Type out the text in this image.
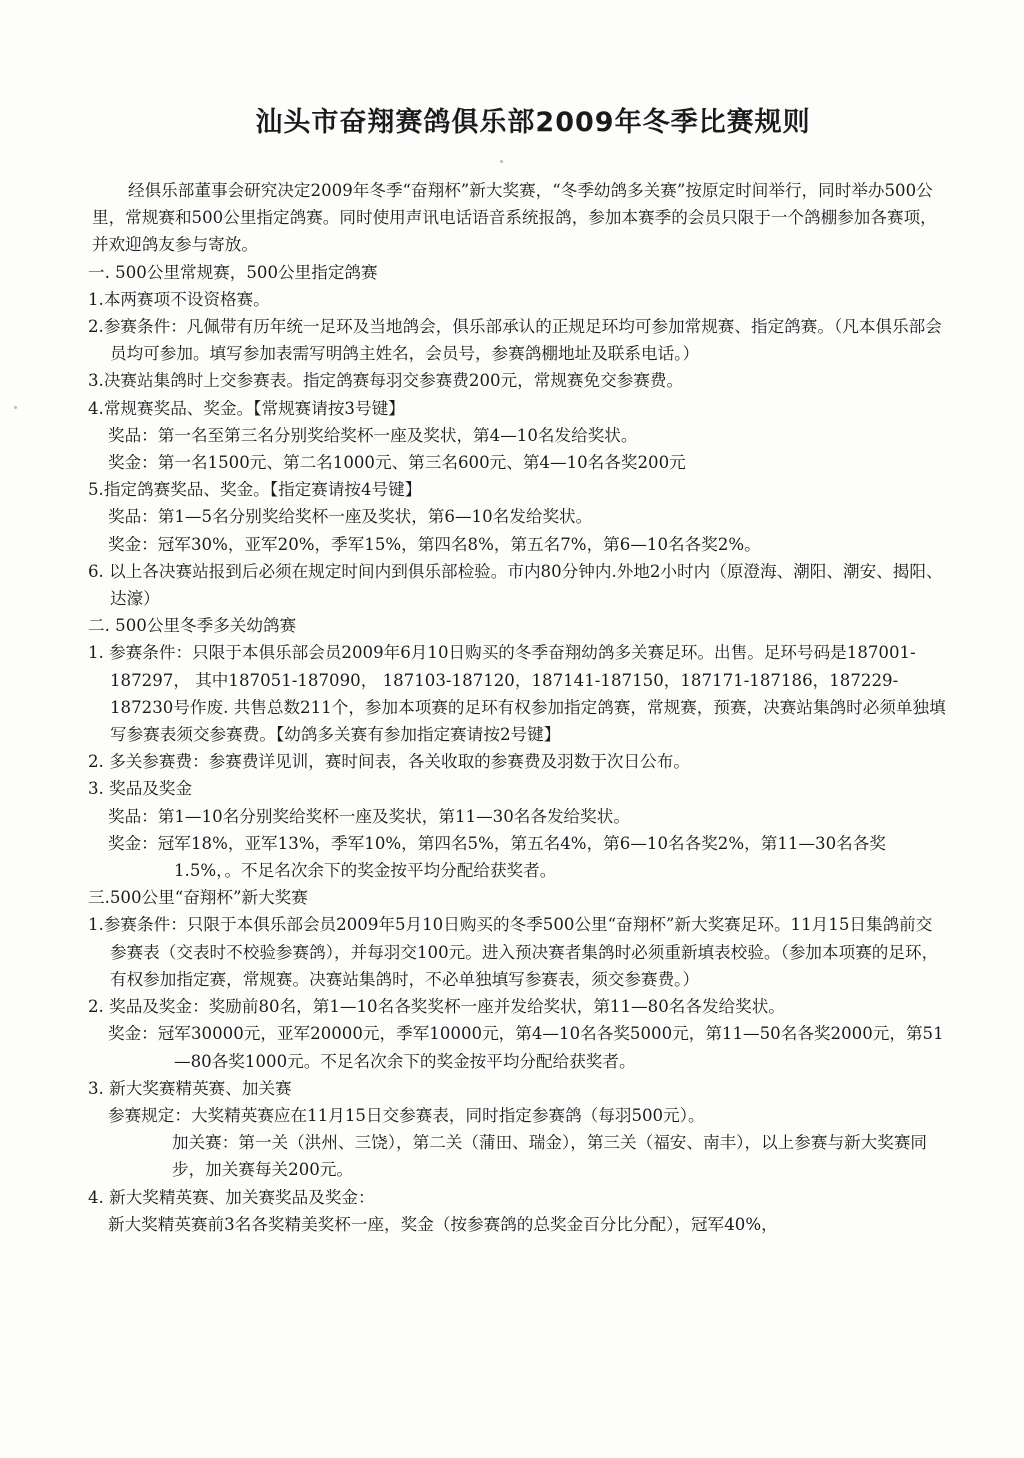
汕头市奋翔赛鸽俱乐部2009年冬季比赛规则

经俱乐部董事会研究决定2009年冬季“奋翔杯”新大奖赛，“冬季幼鸽多关赛”按原定时间举行，同时举办500公里，常规赛和500公里指定鸽赛。同时使用声讯电话语音系统报鸽，参加本赛季的会员只限于一个鸽棚参加各赛项，并欢迎鸽友参与寄放。

一. 500公里常规赛，500公里指定鸽赛

1.本两赛项不设资格赛。

2.参赛条件：凡佩带有历年统一足环及当地鸽会，俱乐部承认的正规足环均可参加常规赛、指定鸽赛。（凡本俱乐部会员均可参加。填写参加表需写明鸽主姓名，会员号，参赛鸽棚地址及联系电话。）

3.决赛站集鸽时上交参赛表。指定鸽赛每羽交参赛费200元，常规赛免交参赛费。

4.常规赛奖品、奖金。【常规赛请按3号键】

奖品：第一名至第三名分别奖给奖杯一座及奖状，第4—10名发给奖状。

奖金：第一名1500元、第二名1000元、第三名600元、第4—10名各奖200元

5.指定鸽赛奖品、奖金。【指定赛请按4号键】

奖品：第1—5名分别奖给奖杯一座及奖状，第6—10名发给奖状。

奖金：冠军30%，亚军20%，季军15%，第四名8%，第五名7%，第6—10名各奖2%。

6. 以上各决赛站报到后必须在规定时间内到俱乐部检验。市内80分钟内.外地2小时内（原澄海、潮阳、潮安、揭阳、达濠）

二. 500公里冬季多关幼鸽赛

1. 参赛条件：只限于本俱乐部会员2009年6月10日购买的冬季奋翔幼鸽多关赛足环。出售。足环号码是187001-187297， 其中187051-187090， 187103-187120，187141-187150，187171-187186，187229-187230号作废. 共售总数211个，参加本项赛的足环有权参加指定鸽赛，常规赛，预赛，决赛站集鸽时必须单独填写参赛表须交参赛费。【幼鸽多关赛有参加指定赛请按2号键】

2. 多关参赛费：参赛费详见训，赛时间表，各关收取的参赛费及羽数于次日公布。

3. 奖品及奖金

奖品：第1—10名分别奖给奖杯一座及奖状，第11—30名各发给奖状。

奖金：冠军18%，亚军13%，季军10%，第四名5%，第五名4%，第6—10名各奖2%，第11—30名各奖1.5%，。不足名次余下的奖金按平均分配给获奖者。

三.500公里“奋翔杯”新大奖赛

1.参赛条件：只限于本俱乐部会员2009年5月10日购买的冬季500公里“奋翔杯”新大奖赛足环。11月15日集鸽前交参赛表（交表时不校验参赛鸽），并每羽交100元。进入预决赛者集鸽时必须重新填表校验。（参加本项赛的足环，有权参加指定赛，常规赛。决赛站集鸽时，不必单独填写参赛表，须交参赛费。）

2. 奖品及奖金：奖励前80名，第1—10名各奖奖杯一座并发给奖状，第11—80名各发给奖状。

奖金：冠军30000元，亚军20000元，季军10000元，第4—10名各奖5000元，第11—50名各奖2000元，第51—80各奖1000元。不足名次余下的奖金按平均分配给获奖者。

3. 新大奖赛精英赛、加关赛

参赛规定：大奖精英赛应在11月15日交参赛表，同时指定参赛鸽（每羽500元）。

加关赛：第一关（洪州、三饶），第二关（蒲田、瑞金），第三关（福安、南丰），以上参赛与新大奖赛同步，加关赛每关200元。

4. 新大奖精英赛、加关赛奖品及奖金：

新大奖精英赛前3名各奖精美奖杯一座，奖金（按参赛鸽的总奖金百分比分配），冠军40%，
